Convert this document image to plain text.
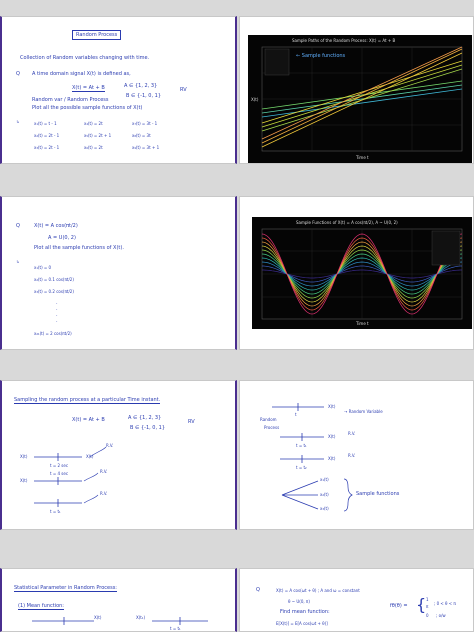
Random Process
Collection of Random variables changing with time.
Q A time domain signal X(t) is defined as,
X(t) = At + B	A ∈ {1, 2, 3}
RV
B ∈ {-1, 0, 1}
Random var / Random Process
Plot all the possible sample functions of X(t)
↳	x₁(t) = t - 1	x₄(t) = 2t	x₇(t) = 3t - 1
x₂(t) = 2t - 1	x₅(t) = 2t + 1	x₈(t) = 3t
x₃(t) = 2t - 1	x₆(t) = 2t	x₉(t) = 3t + 1
Sample Paths of the Random Process: X(t) = At + B
← Sample functions
Time t
X(t)
Q	X(t) = A cos(πt/2)
A = U(0, 2)
Plot all the sample functions of X(t).
↳
x₁(t) = 0
x₂(t) = 0.1 cos(πt/2)
x₃(t) = 0.2 cos(πt/2)
·
·
·
·
x₂₁(t) = 2 cos(πt/2)
Sample Functions of X(t) = A cos(πt/2), A ~ U(0, 2)
Time t
Sampling the random process at a particular Time instant.
X(t) = At + B	A ∈ {1, 2, 3}
RV
B ∈ {-1, 0, 1}
X(t)	X(t)
t = 2 sec
R.V.
X(t)
t = 4 sec	R.V.
t = t₁
R.V.
X(t)
t
Random
Process
→ Random Variable
X(t)
t = t₁
R.V.
X(t)
t = t₂
R.V.
x₁(t)
x₂(t)
x₃(t)
Sample functions
Statistical Parameter in Random Process:
(1) Mean function:
X(t)	X(t₁)
t = t₁
Q	X(t) = A cos(ωt + θ) ; A and ω = constant
θ ~ U(0, π)
Find mean function:
E[X(t)] = E[A cos(ωt + θ)]
fθ(θ) = { 1
π
; 0 < θ < π
0 ; o/w
